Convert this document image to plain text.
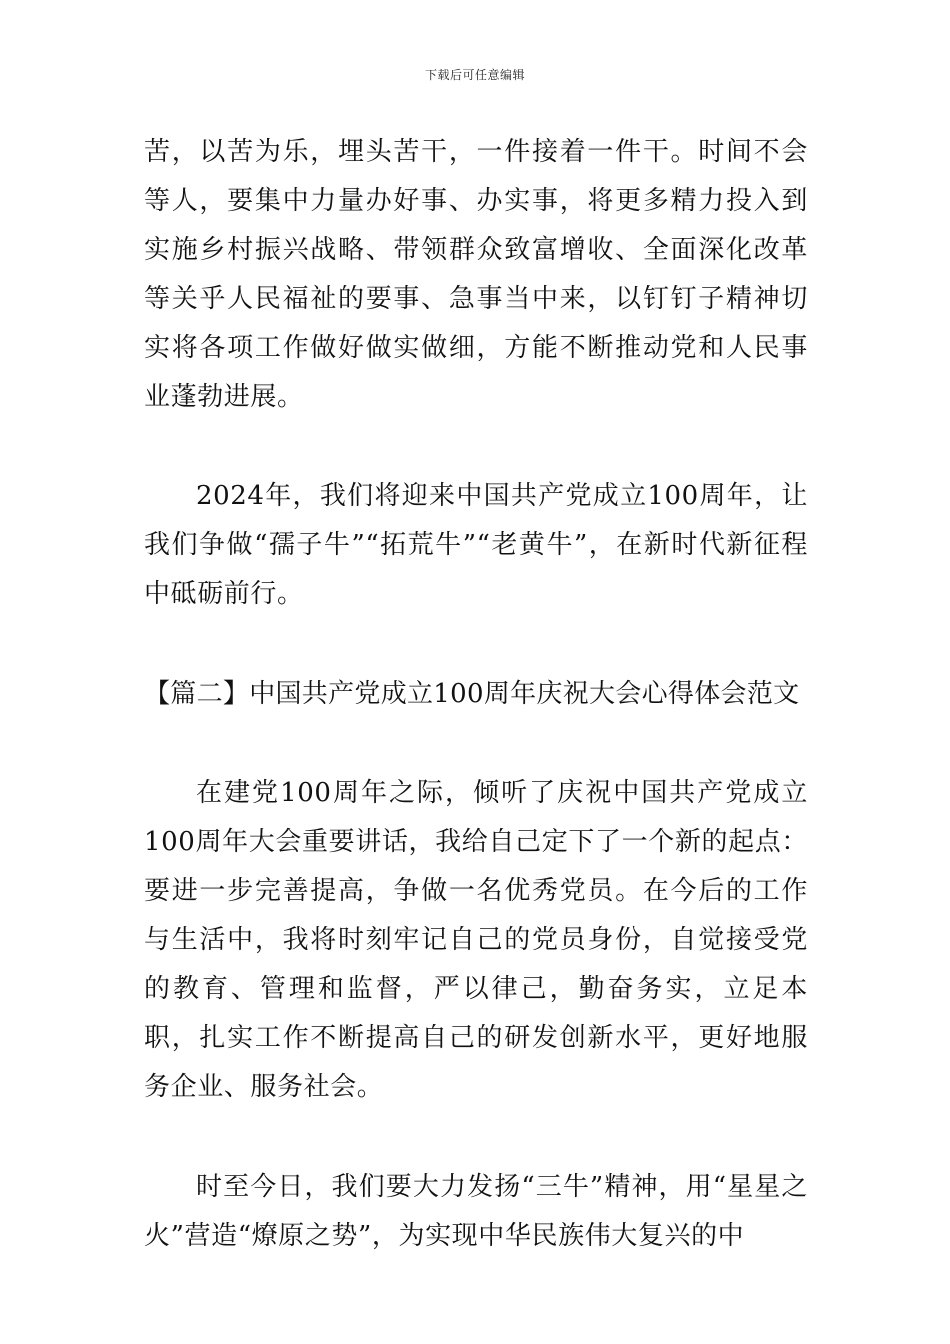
下载后可任意编辑

苦，以苦为乐，埋头苦干，一件接着一件干。时间不会等人，要集中力量办好事、办实事，将更多精力投入到实施乡村振兴战略、带领群众致富增收、全面深化改革等关乎人民福祉的要事、急事当中来，以钉钉子精神切实将各项工作做好做实做细，方能不断推动党和人民事业蓬勃进展。

2024年，我们将迎来中国共产党成立100周年，让我们争做“孺子牛”“拓荒牛”“老黄牛”，在新时代新征程中砥砺前行。

【篇二】中国共产党成立100周年庆祝大会心得体会范文

在建党100周年之际，倾听了庆祝中国共产党成立100周年大会重要讲话，我给自己定下了一个新的起点：要进一步完善提高，争做一名优秀党员。在今后的工作与生活中，我将时刻牢记自己的党员身份，自觉接受党的教育、管理和监督，严以律己，勤奋务实，立足本职，扎实工作不断提高自己的研发创新水平，更好地服务企业、服务社会。

时至今日，我们要大力发扬“三牛”精神，用“星星之火”营造“燎原之势”，为实现中华民族伟大复兴的中
